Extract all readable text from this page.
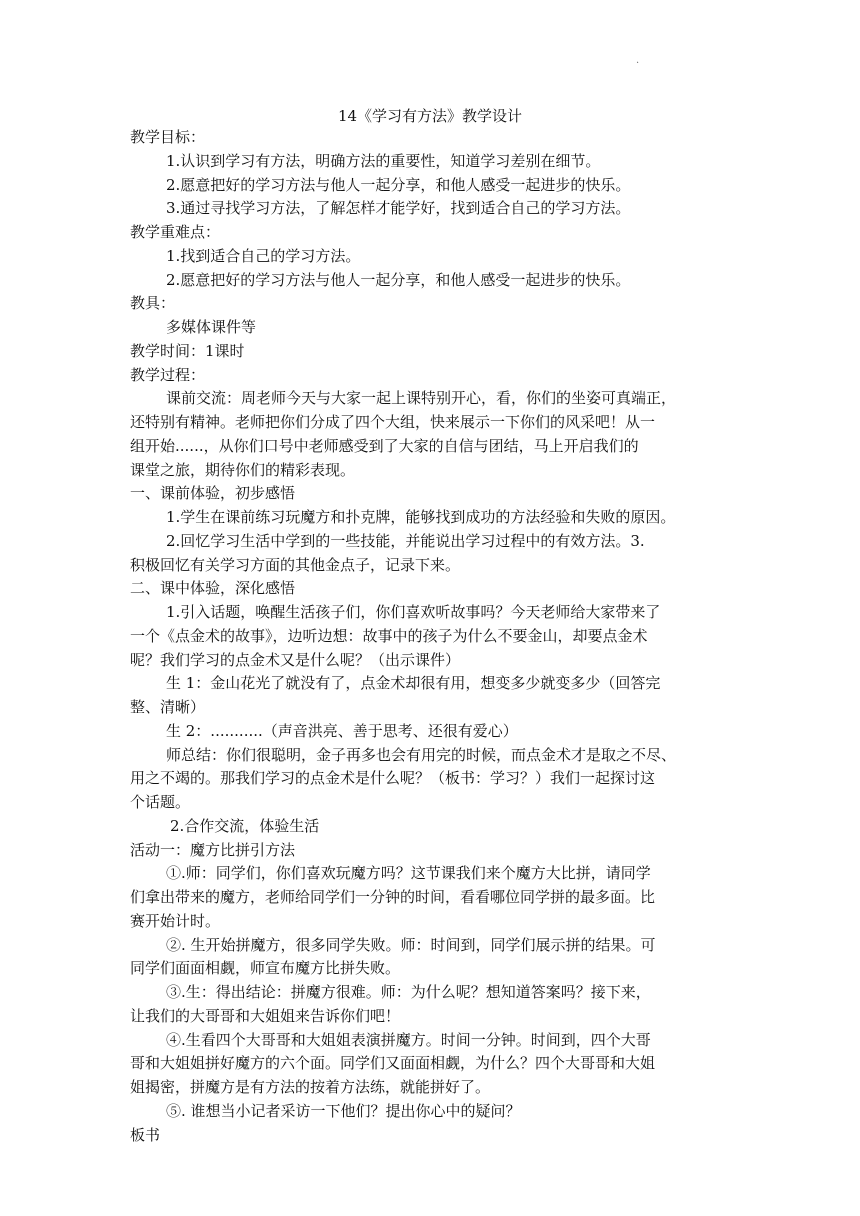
·
14《学习有方法》教学设计
教学目标：
1.认识到学习有方法，明确方法的重要性，知道学习差别在细节。
2.愿意把好的学习方法与他人一起分享，和他人感受一起进步的快乐。
3.通过寻找学习方法，了解怎样才能学好，找到适合自己的学习方法。
教学重难点：
1.找到适合自己的学习方法。
2.愿意把好的学习方法与他人一起分享，和他人感受一起进步的快乐。
教具：
多媒体课件等
教学时间：1课时
教学过程：
课前交流：周老师今天与大家一起上课特别开心，看，你们的坐姿可真端正，
还特别有精神。老师把你们分成了四个大组，快来展示一下你们的风采吧！从一
组开始......，从你们口号中老师感受到了大家的自信与团结，马上开启我们的
课堂之旅，期待你们的精彩表现。
一、课前体验，初步感悟
1.学生在课前练习玩魔方和扑克牌，能够找到成功的方法经验和失败的原因。
2.回忆学习生活中学到的一些技能，并能说出学习过程中的有效方法。3.
积极回忆有关学习方面的其他金点子，记录下来。
二、课中体验，深化感悟
1.引入话题，唤醒生活孩子们，你们喜欢听故事吗？今天老师给大家带来了
一个《点金术的故事》，边听边想：故事中的孩子为什么不要金山，却要点金术
呢？我们学习的点金术又是什么呢？（出示课件）
生 1：金山花光了就没有了，点金术却很有用，想变多少就变多少（回答完
整、清晰）
生 2：...........（声音洪亮、善于思考、还很有爱心）
师总结：你们很聪明，金子再多也会有用完的时候，而点金术才是取之不尽、
用之不竭的。那我们学习的点金术是什么呢？（板书：学习？）我们一起探讨这
个话题。
2.合作交流，体验生活
活动一：魔方比拼引方法
①.师：同学们，你们喜欢玩魔方吗？这节课我们来个魔方大比拼，请同学
们拿出带来的魔方，老师给同学们一分钟的时间，看看哪位同学拼的最多面。比
赛开始计时。
②. 生开始拼魔方，很多同学失败。师：时间到，同学们展示拼的结果。可
同学们面面相觑，师宣布魔方比拼失败。
③.生：得出结论：拼魔方很难。师：为什么呢？想知道答案吗？接下来，
让我们的大哥哥和大姐姐来告诉你们吧！
④.生看四个大哥哥和大姐姐表演拼魔方。时间一分钟。时间到，四个大哥
哥和大姐姐拼好魔方的六个面。同学们又面面相觑，为什么？四个大哥哥和大姐
姐揭密，拼魔方是有方法的按着方法练，就能拼好了。
⑤. 谁想当小记者采访一下他们？提出你心中的疑问？
板书
